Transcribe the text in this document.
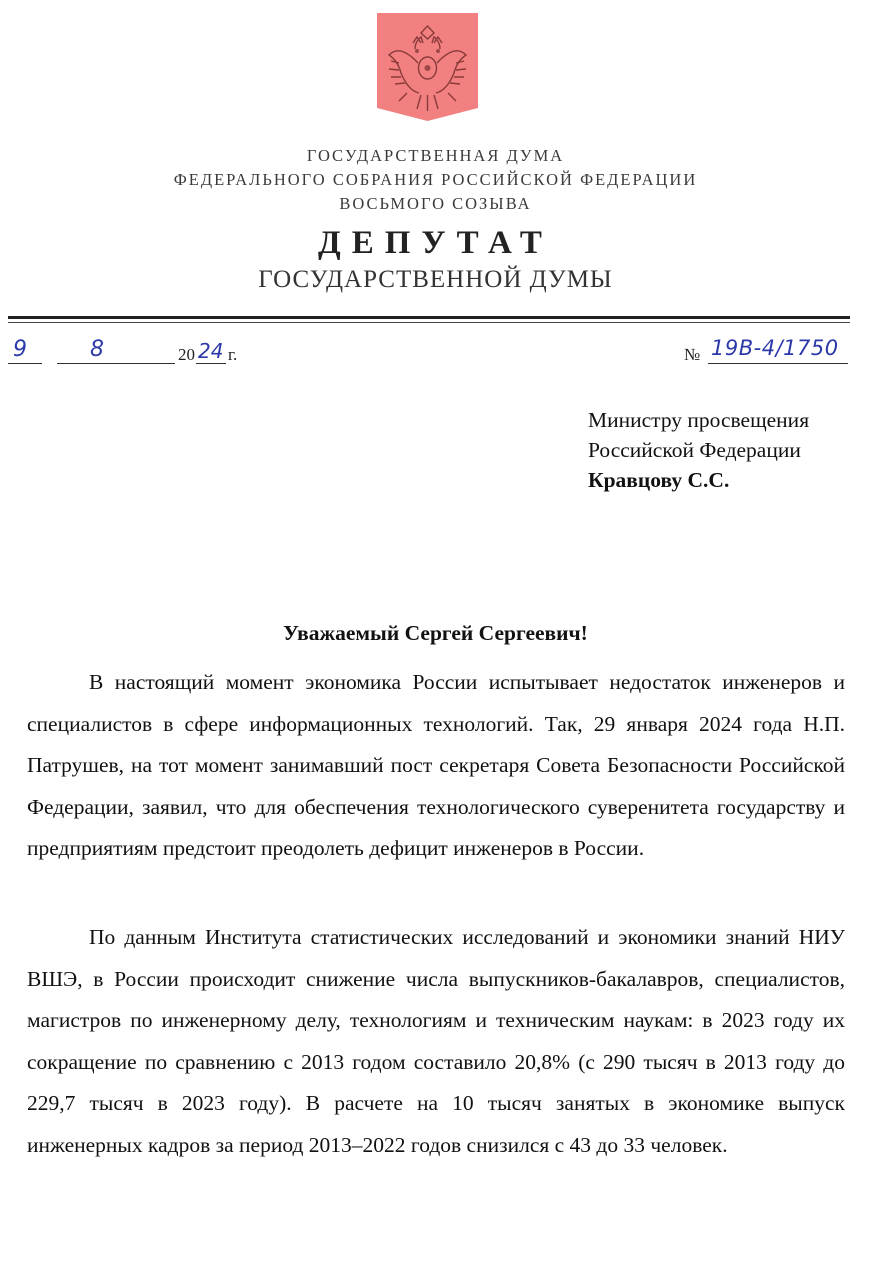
ГОСУДАРСТВЕННАЯ ДУМА
ФЕДЕРАЛЬНОГО СОБРАНИЯ РОССИЙСКОЙ ФЕДЕРАЦИИ
ВОСЬМОГО СОЗЫВА
ДЕПУТАТ
ГОСУДАРСТВЕННОЙ ДУМЫ
9	8	20 24 г.	№ 19В-4/1750
Министру просвещения
Российской Федерации
Кравцову С.С.
Уважаемый Сергей Сергеевич!

В настоящий момент экономика России испытывает недостаток инженеров и специалистов в сфере информационных технологий. Так, 29 января 2024 года Н.П. Патрушев, на тот момент занимавший пост секретаря Совета Безопасности Российской Федерации, заявил, что для обеспечения технологического суверенитета государству и предприятиям предстоит преодолеть дефицит инженеров в России.

По данным Института статистических исследований и экономики знаний НИУ ВШЭ, в России происходит снижение числа выпускников-бакалавров, специалистов, магистров по инженерному делу, технологиям и техническим наукам: в 2023 году их сокращение по сравнению с 2013 годом составило 20,8% (с 290 тысяч в 2013 году до 229,7 тысяч в 2023 году). В расчете на 10 тысяч занятых в экономике выпуск инженерных кадров за период 2013–2022 годов снизился с 43 до 33 человек.
